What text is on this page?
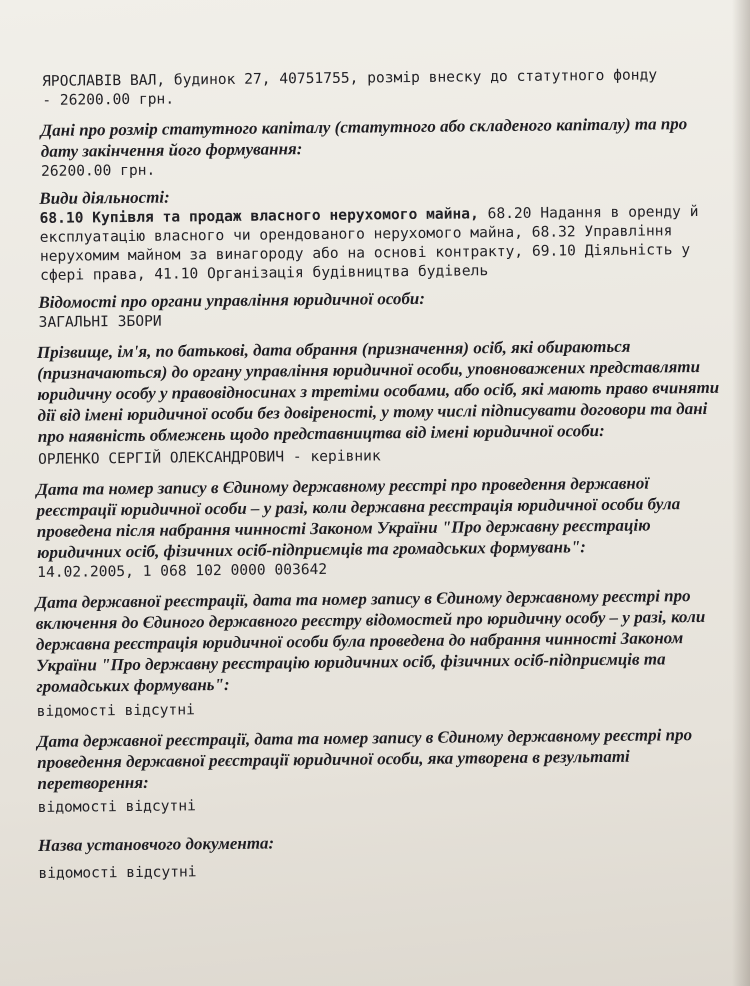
ЯРОСЛАВІВ ВАЛ, будинок 27, 40751755, розмір внеску до статутного фонду
- 26200.00 грн.
Дані про розмір статутного капіталу (статутного або складеного капіталу) та про дату закінчення його формування:
26200.00 грн.
Види діяльності:
68.10 Купівля та продаж власного нерухомого майна, 68.20 Надання в оренду й експлуатацію власного чи орендованого нерухомого майна, 68.32 Управління нерухомим майном за винагороду або на основі контракту, 69.10 Діяльність у сфері права, 41.10 Організація будівництва будівель
Відомості про органи управління юридичної особи:
ЗАГАЛЬНІ ЗБОРИ
Прізвище, ім'я, по батькові, дата обрання (призначення) осіб, які обираються (призначаються) до органу управління юридичної особи, уповноважених представляти юридичну особу у правовідносинах з третіми особами, або осіб, які мають право вчиняти дії від імені юридичної особи без довіреності, у тому числі підписувати договори та дані про наявність обмежень щодо представництва від імені юридичної особи:
ОРЛЕНКО СЕРГІЙ ОЛЕКСАНДРОВИЧ - керівник
Дата та номер запису в Єдиному державному реєстрі про проведення державної реєстрації юридичної особи – у разі, коли державна реєстрація юридичної особи була проведена після набрання чинності Законом України "Про державну реєстрацію юридичних осіб, фізичних осіб-підприємців та громадських формувань":
14.02.2005, 1 068 102 0000 003642
Дата державної реєстрації, дата та номер запису в Єдиному державному реєстрі про включення до Єдиного державного реєстру відомостей про юридичну особу – у разі, коли державна реєстрація юридичної особи була проведена до набрання чинності Законом України "Про державну реєстрацію юридичних осіб, фізичних осіб-підприємців та громадських формувань":
відомості відсутні
Дата державної реєстрації, дата та номер запису в Єдиному державному реєстрі про проведення державної реєстрації юридичної особи, яка утворена в результаті перетворення:
відомості відсутні
Назва установчого документа:
відомості відсутні
